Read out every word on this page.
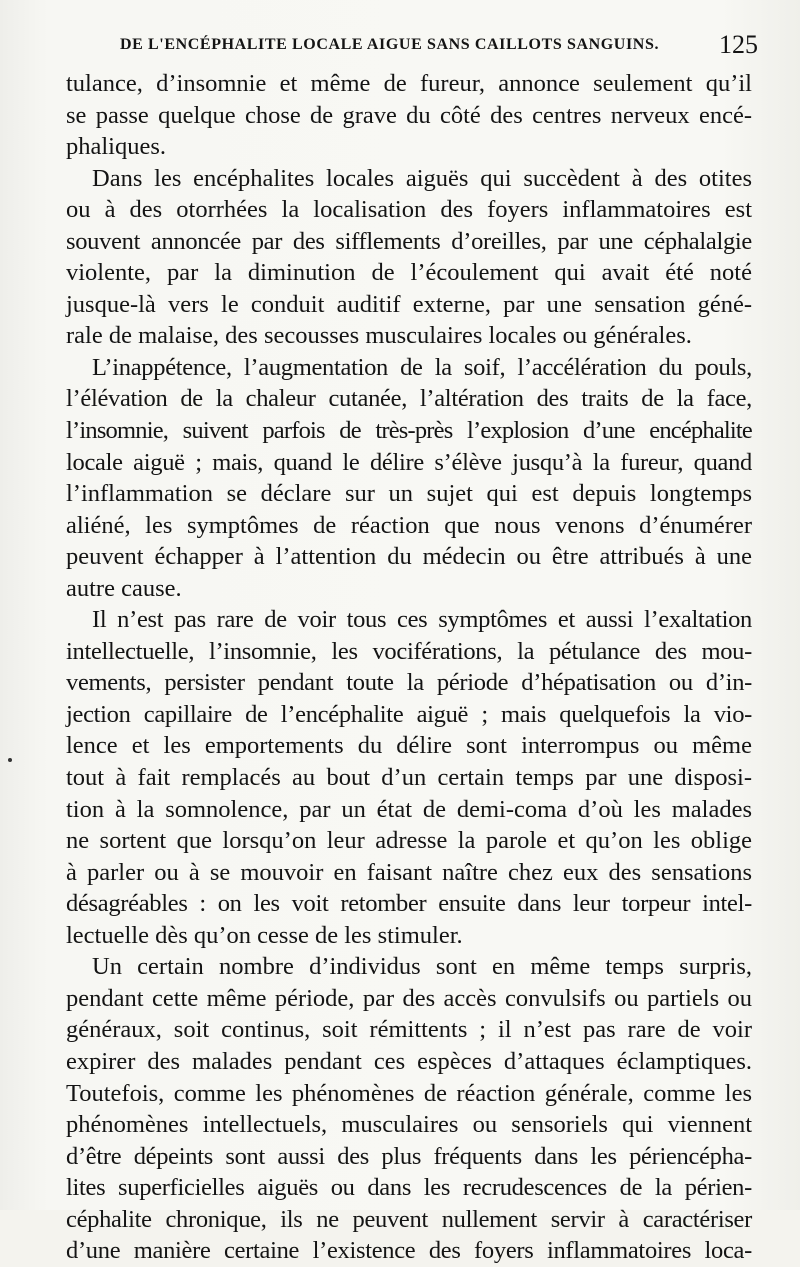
DE L'ENCÉPHALITE LOCALE AIGUE SANS CAILLOTS SANGUINS. 125
tulance, d’insomnie et même de fureur, annonce seulement qu’il
se passe quelque chose de grave du côté des centres nerveux encé-
phaliques.
Dans les encéphalites locales aiguës qui succèdent à des otites
ou à des otorrhées la localisation des foyers inflammatoires est
souvent annoncée par des sifflements d’oreilles, par une céphalalgie
violente, par la diminution de l’écoulement qui avait été noté
jusque-là vers le conduit auditif externe, par une sensation géné-
rale de malaise, des secousses musculaires locales ou générales.
L’inappétence, l’augmentation de la soif, l’accélération du pouls,
l’élévation de la chaleur cutanée, l’altération des traits de la face,
l’insomnie, suivent parfois de très-près l’explosion d’une encéphalite
locale aiguë ; mais, quand le délire s’élève jusqu’à la fureur, quand
l’inflammation se déclare sur un sujet qui est depuis longtemps
aliéné, les symptômes de réaction que nous venons d’énumérer
peuvent échapper à l’attention du médecin ou être attribués à une
autre cause.
Il n’est pas rare de voir tous ces symptômes et aussi l’exaltation
intellectuelle, l’insomnie, les vociférations, la pétulance des mou-
vements, persister pendant toute la période d’hépatisation ou d’in-
jection capillaire de l’encéphalite aiguë ; mais quelquefois la vio-
lence et les emportements du délire sont interrompus ou même
tout à fait remplacés au bout d’un certain temps par une disposi-
tion à la somnolence, par un état de demi-coma d’où les malades
ne sortent que lorsqu’on leur adresse la parole et qu’on les oblige
à parler ou à se mouvoir en faisant naître chez eux des sensations
désagréables : on les voit retomber ensuite dans leur torpeur intel-
lectuelle dès qu’on cesse de les stimuler.
Un certain nombre d’individus sont en même temps surpris,
pendant cette même période, par des accès convulsifs ou partiels ou
généraux, soit continus, soit rémittents ; il n’est pas rare de voir
expirer des malades pendant ces espèces d’attaques éclamptiques.
Toutefois, comme les phénomènes de réaction générale, comme les
phénomènes intellectuels, musculaires ou sensoriels qui viennent
d’être dépeints sont aussi des plus fréquents dans les périencépha-
lites superficielles aiguës ou dans les recrudescences de la périen-
céphalite chronique, ils ne peuvent nullement servir à caractériser
d’une manière certaine l’existence des foyers inflammatoires loca-
